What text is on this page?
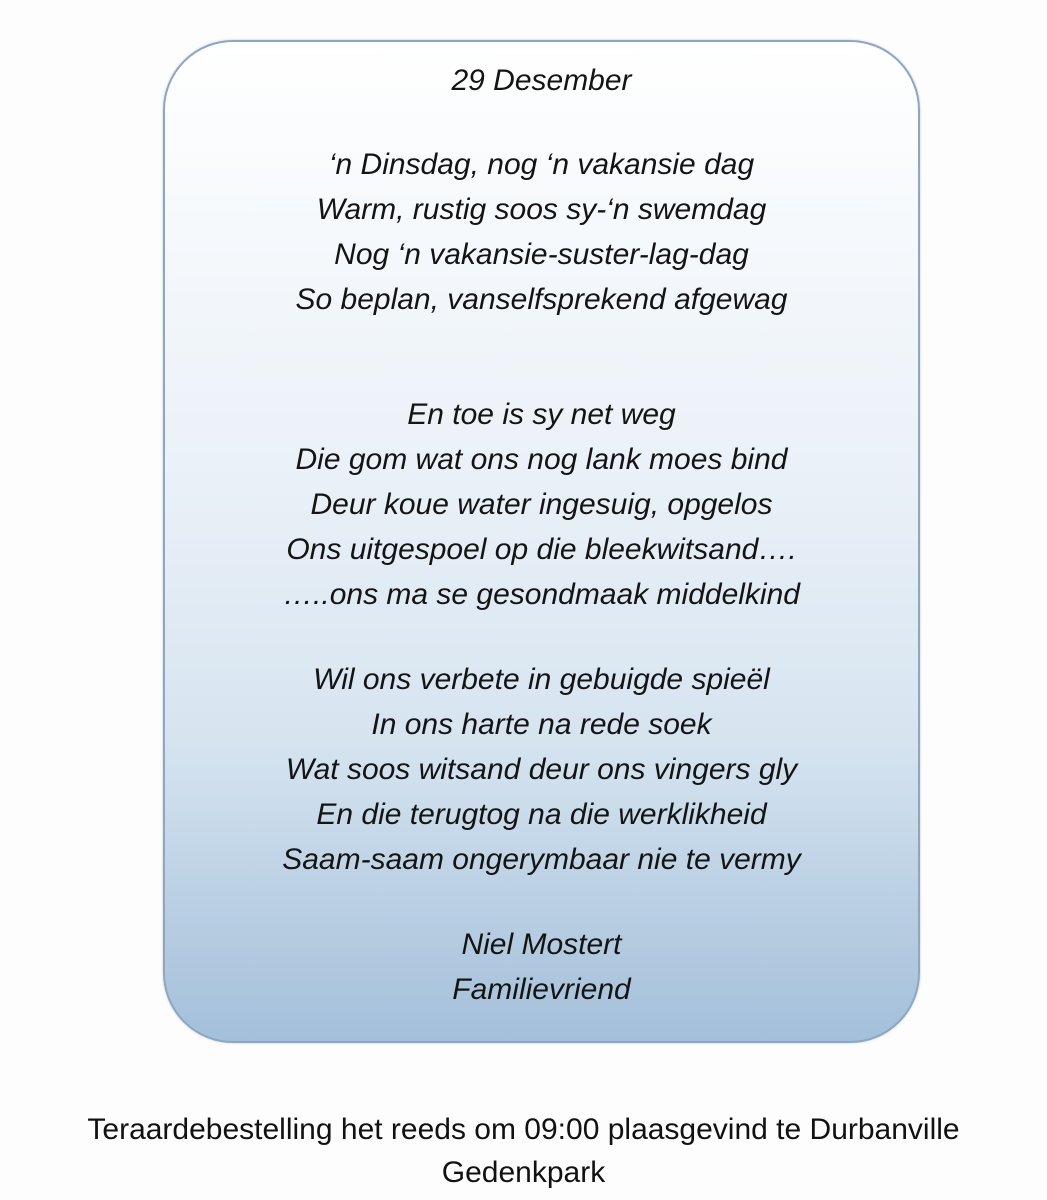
29 Desember
‘n Dinsdag, nog ‘n vakansie dag
Warm, rustig soos sy-‘n swemdag
Nog ‘n vakansie-suster-lag-dag
So beplan, vanselfsprekend afgewag
En toe is sy net weg
Die gom wat ons nog lank moes bind
Deur koue water ingesuig, opgelos
Ons uitgespoel op die bleekwitsand….
…..ons ma se gesondmaak middelkind
Wil ons verbete in gebuigde spieël
In ons harte na rede soek
Wat soos witsand deur ons vingers gly
En die terugtog na die werklikheid
Saam-saam ongerymbaar nie te vermy
Niel Mostert
Familievriend
Teraardebestelling het reeds om 09:00 plaasgevind te Durbanville
Gedenkpark
